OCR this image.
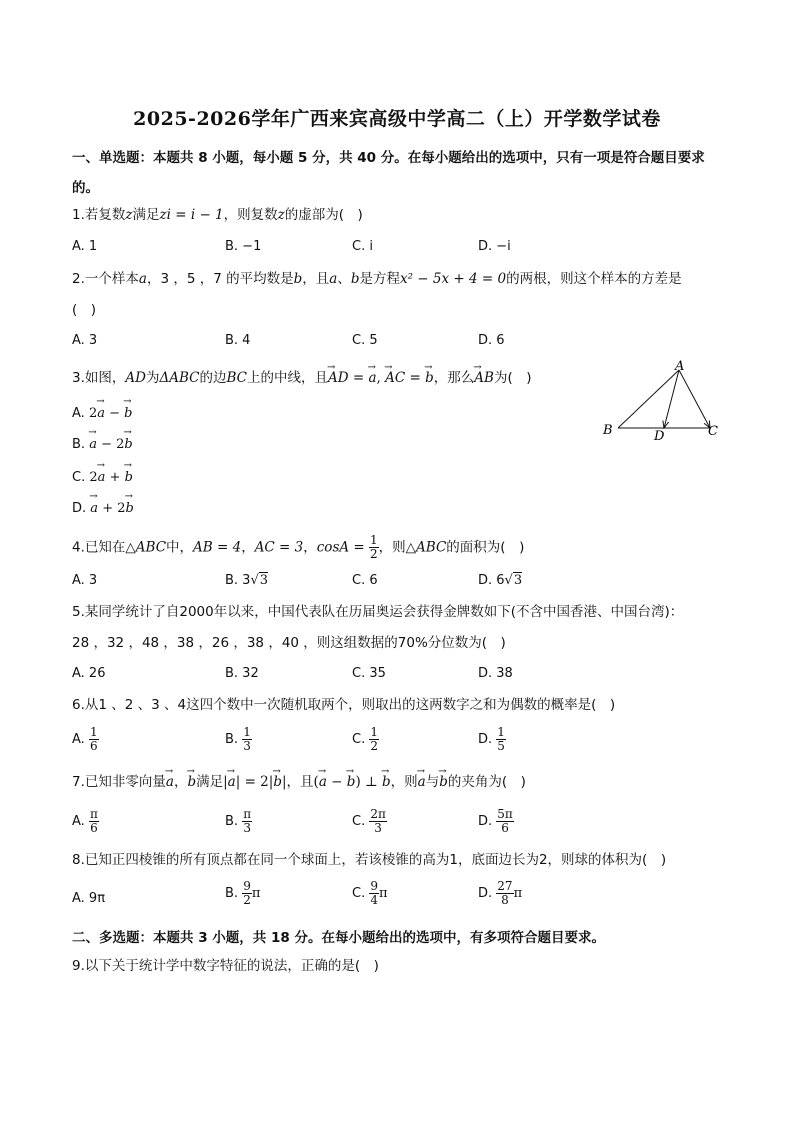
2025-2026学年广西来宾高级中学高二（上）开学数学试卷
一、单选题：本题共 8 小题，每小题 5 分，共 40 分。在每小题给出的选项中，只有一项是符合题目要求
的。
1.若复数z满足zi = i − 1，则复数z的虚部为(　)
A. 1	B. −1	C. i	D. −i
2.一个样本a，3 ，5 ，7 的平均数是b，且a、b是方程x² − 5x + 4 = 0的两根，则这个样本的方差是
(　)
A. 3	B. 4	C. 5	D. 6
3.如图，AD为ΔABC的边BC上的中线，且→ AD = → a, → AC = → b，那么→ AB为(　)
A. 2→ a − → b
B. → a − 2→ b
C. 2→ a + → b
D. → a + 2→ b
A
B	C
D
4.已知在△ABC中，AB = 4，AC = 3，$\cos A = \frac{1}{2}$ ，则△ABC的面积为(　)
A. 3	B. 3√3	C. 6	D. 6√3
5.某同学统计了自2000年以来，中国代表队在历届奥运会获得金牌数如下(不含中国香港、中国台湾)：
28 ，32 ，48 ，38 ，26 ，38 ，40 ，则这组数据的70%分位数为(　)
A. 26	B. 32	C. 35	D. 38
6.从1 、2 、3 、4这四个数中一次随机取两个，则取出的这两数字之和为偶数的概率是(　)
A. $\frac{1}{6}$	B. $\frac{1}{3}$	C. $\frac{1}{2}$	D. $\frac{1}{5}$
7.已知非零向量→ a，→ b满足|→ a| = 2|→ b|，且(→ a − → b) ⊥ → b，则→ a与→ b的夹角为(　)
A. $\frac{\pi}{6}$	B. $\frac{\pi}{3}$	C. $\frac{2\pi}{3}$	D. $\frac{5\pi}{6}$
8.已知正四棱锥的所有顶点都在同一个球面上，若该棱锥的高为1，底面边长为2，则球的体积为(　)
A. 9π	B. $\frac{9}{2}$ π	C. $\frac{9}{4}$ π	D. $\frac{27}{8}$ π
二、多选题：本题共 3 小题，共 18 分。在每小题给出的选项中，有多项符合题目要求。
9.以下关于统计学中数字特征的说法，正确的是(　)
